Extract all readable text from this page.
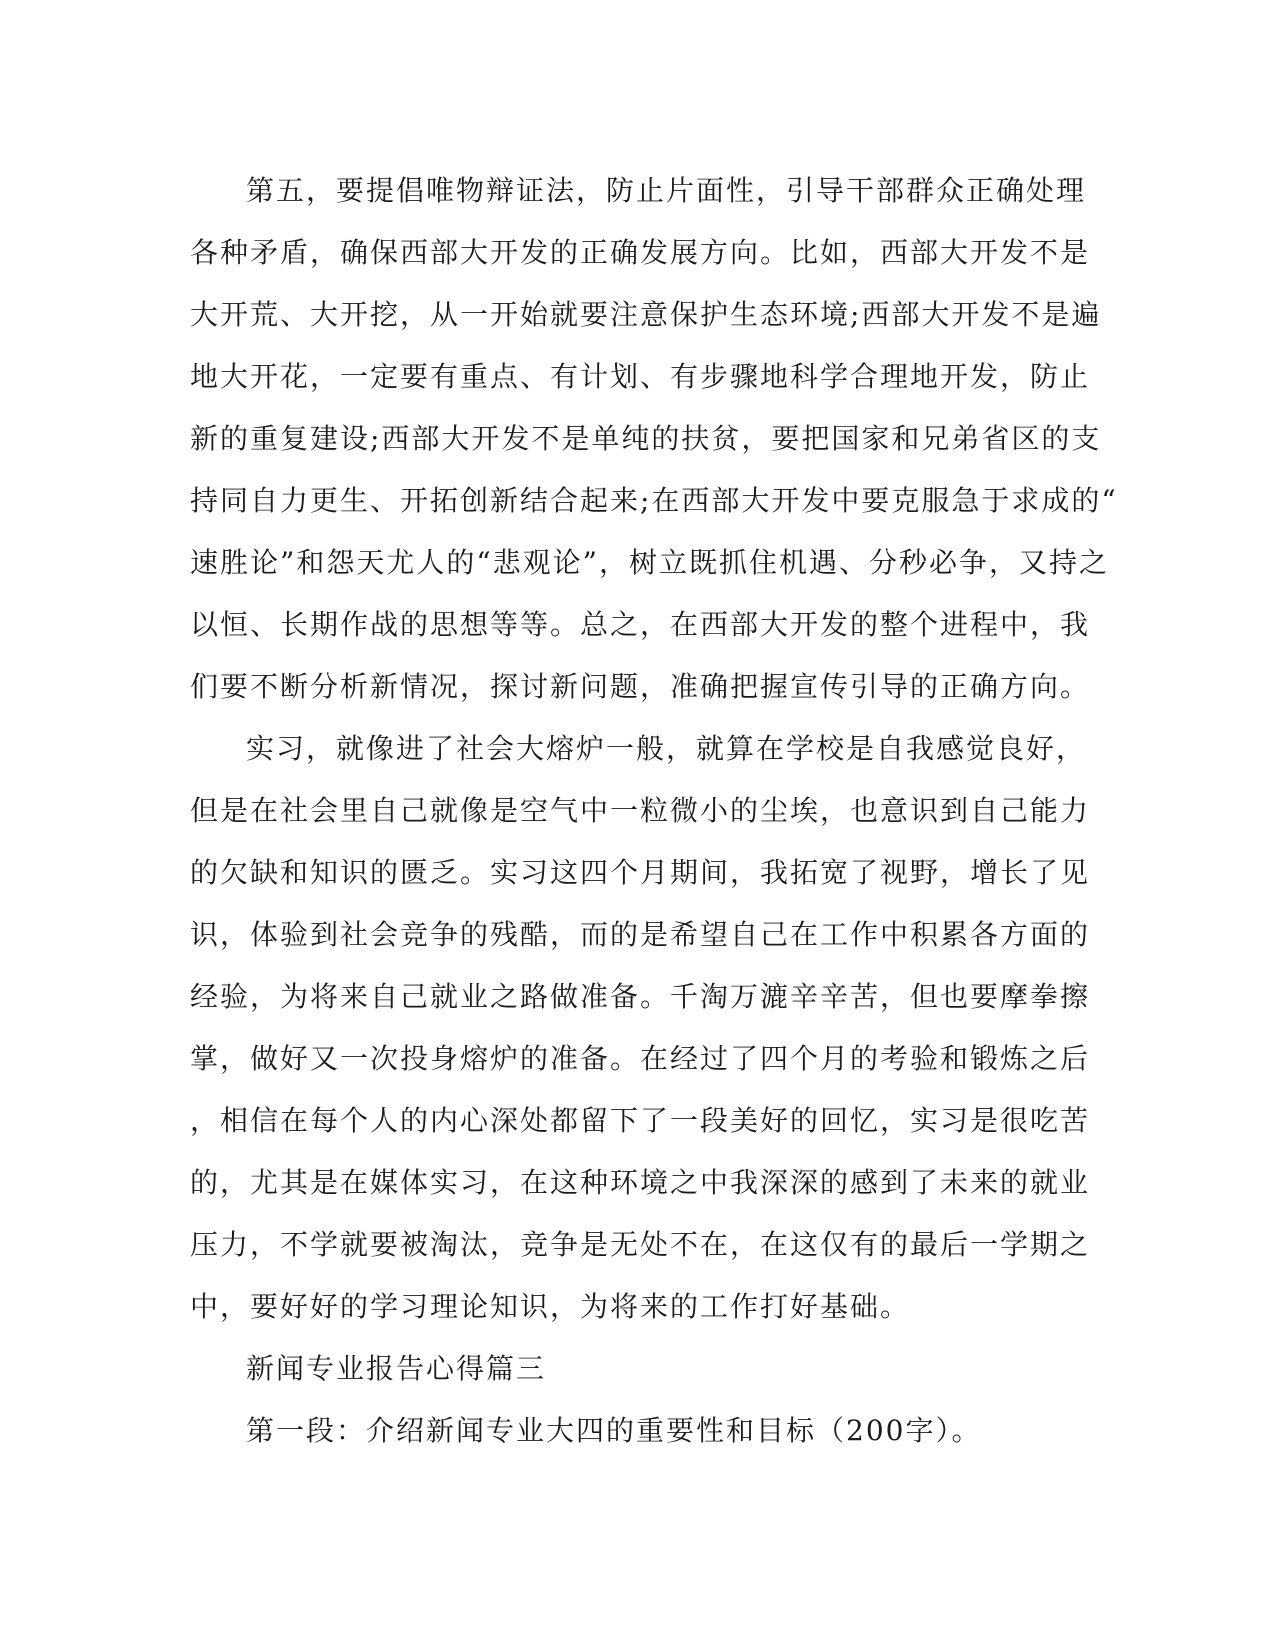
第五，要提倡唯物辩证法，防止片面性，引导干部群众正确处理
各种矛盾，确保西部大开发的正确发展方向。比如，西部大开发不是
大开荒、大开挖，从一开始就要注意保护生态环境;西部大开发不是遍
地大开花，一定要有重点、有计划、有步骤地科学合理地开发，防止
新的重复建设;西部大开发不是单纯的扶贫，要把国家和兄弟省区的支
持同自力更生、开拓创新结合起来;在西部大开发中要克服急于求成的“
速胜论”和怨天尤人的“悲观论”，树立既抓住机遇、分秒必争，又持之
以恒、长期作战的思想等等。总之，在西部大开发的整个进程中，我
们要不断分析新情况，探讨新问题，准确把握宣传引导的正确方向。

实习，就像进了社会大熔炉一般，就算在学校是自我感觉良好，
但是在社会里自己就像是空气中一粒微小的尘埃，也意识到自己能力
的欠缺和知识的匮乏。实习这四个月期间，我拓宽了视野，增长了见
识，体验到社会竞争的残酷，而的是希望自己在工作中积累各方面的
经验，为将来自己就业之路做准备。千淘万漉辛辛苦，但也要摩拳擦
掌，做好又一次投身熔炉的准备。在经过了四个月的考验和锻炼之后
，相信在每个人的内心深处都留下了一段美好的回忆，实习是很吃苦
的，尤其是在媒体实习，在这种环境之中我深深的感到了未来的就业
压力，不学就要被淘汰，竞争是无处不在，在这仅有的最后一学期之
中，要好好的学习理论知识，为将来的工作打好基础。

新闻专业报告心得篇三

第一段：介绍新闻专业大四的重要性和目标（200字）。
